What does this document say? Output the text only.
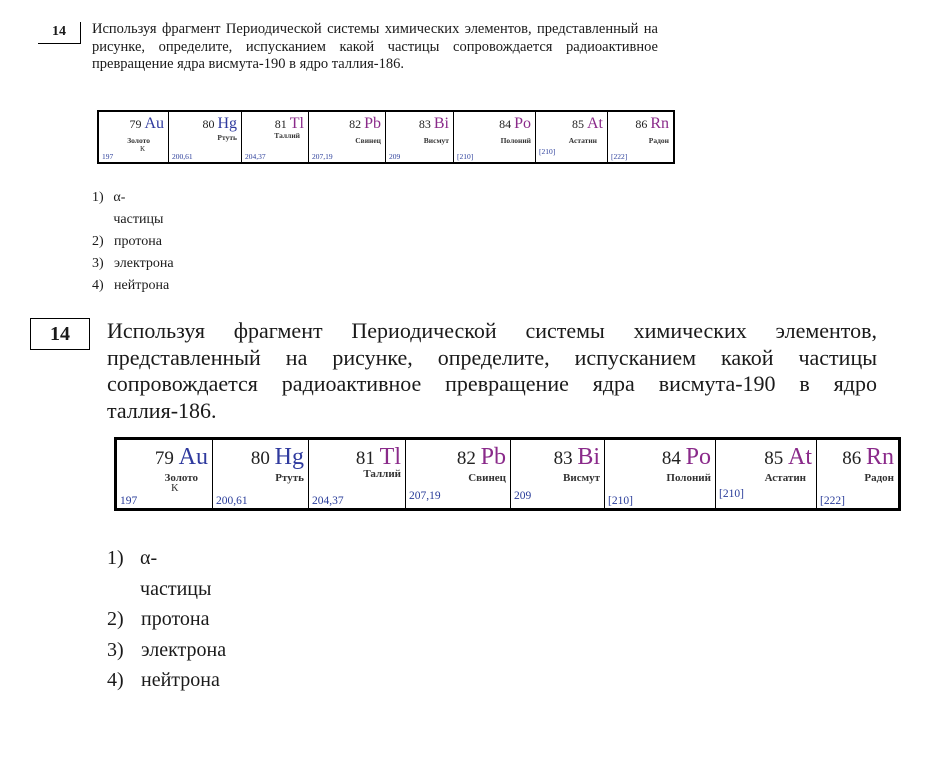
14	Используя фрагмент Периодической системы химических элементов, представленный на рисунке, определите, испусканием какой частицы сопровождается радиоактивное превращение ядра висмута-190 в ядро таллия-186.
79 Au
Золото
К
197
80 Hg
Ртуть
200,61
81 Tl
Таллий
204,37
82 Pb
Свинец
207,19
83 Bi
Висмут
209
84 Po
Полоний
[210]
85 At
Астатин
[210]
86 Rn
Радон
[222]
1) α-частицы
2) протона
3) электрона
4) нейтрона
14	Используя фрагмент Периодической системы химических элементов, представленный на рисунке, определите, испусканием какой частицы сопровождается радиоактивное превращение ядра висмута-190 в ядро таллия-186.
79 Au
Золото
К
197
80 Hg
Ртуть
200,61
81 Tl
Таллий
204,37
82 Pb
Свинец
207,19
83 Bi
Висмут
209
84 Po
Полоний
[210]
85 At
Астатин
[210]
86 Rn
Радон
[222]
1) α-частицы
2) протона
3) электрона
4) нейтрона
